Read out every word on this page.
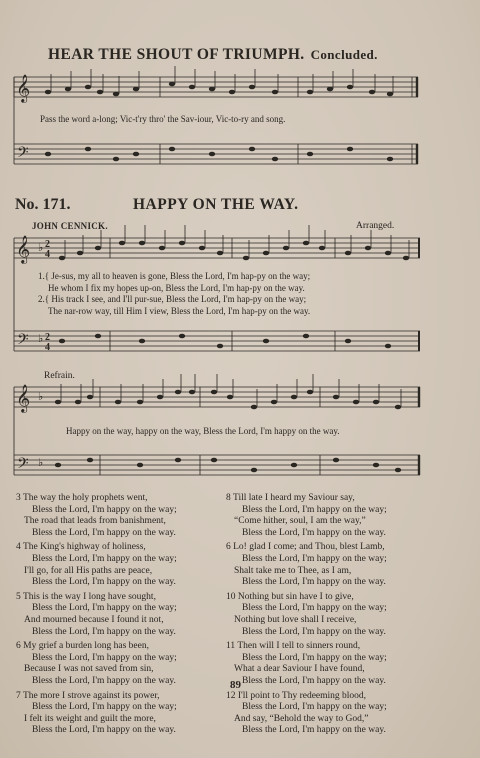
HEAR THE SHOUT OF TRIUMPH. Concluded.
𝄞
𝄢
Pass the word a-long; Vic-t'ry thro' the Sav-iour, Vic-to-ry and song.
No. 171.	HAPPY ON THE WAY.
JOHN CENNICK.	Arranged.
𝄞 ♭ 2
4
𝄢 ♭ 2
4
1.{ Je-sus, my all to heaven is gone, Bless the Lord, I'm hap-py on the way;
He whom I fix my hopes up-on, Bless the Lord, I'm hap-py on the way.
2.{ His track I see, and I'll pur-sue, Bless the Lord, I'm hap-py on the way;
The nar-row way, till Him I view, Bless the Lord, I'm hap-py on the way.
Refrain.
𝄞 ♭
𝄢 ♭
Happy on the way, happy on the way, Bless the Lord, I'm happy on the way.
3 The way the holy prophets went,
Bless the Lord, I'm happy on the way;
The road that leads from banishment,
Bless the Lord, I'm happy on the way.
4 The King's highway of holiness,
Bless the Lord, I'm happy on the way;
I'll go, for all His paths are peace,
Bless the Lord, I'm happy on the way.
5 This is the way I long have sought,
Bless the Lord, I'm happy on the way;
And mourned because I found it not,
Bless the Lord, I'm happy on the way.
6 My grief a burden long has been,
Bless the Lord, I'm happy on the way;
Because I was not saved from sin,
Bless the Lord, I'm happy on the way.
7 The more I strove against its power,
Bless the Lord, I'm happy on the way;
I felt its weight and guilt the more,
Bless the Lord, I'm happy on the way.
8 Till late I heard my Saviour say,
Bless the Lord, I'm happy on the way;
“Come hither, soul, I am the way,”
Bless the Lord, I'm happy on the way.
6 Lo! glad I come; and Thou, blest Lamb,
Bless the Lord, I'm happy on the way;
Shalt take me to Thee, as I am,
Bless the Lord, I'm happy on the way.
10 Nothing but sin have I to give,
Bless the Lord, I'm happy on the way;
Nothing but love shall I receive,
Bless the Lord, I'm happy on the way.
11 Then will I tell to sinners round,
Bless the Lord, I'm happy on the way;
What a dear Saviour I have found,
Bless the Lord, I'm happy on the way.
12 I'll point to Thy redeeming blood,
Bless the Lord, I'm happy on the way;
And say, “Behold the way to God,”
Bless the Lord, I'm happy on the way.
89
